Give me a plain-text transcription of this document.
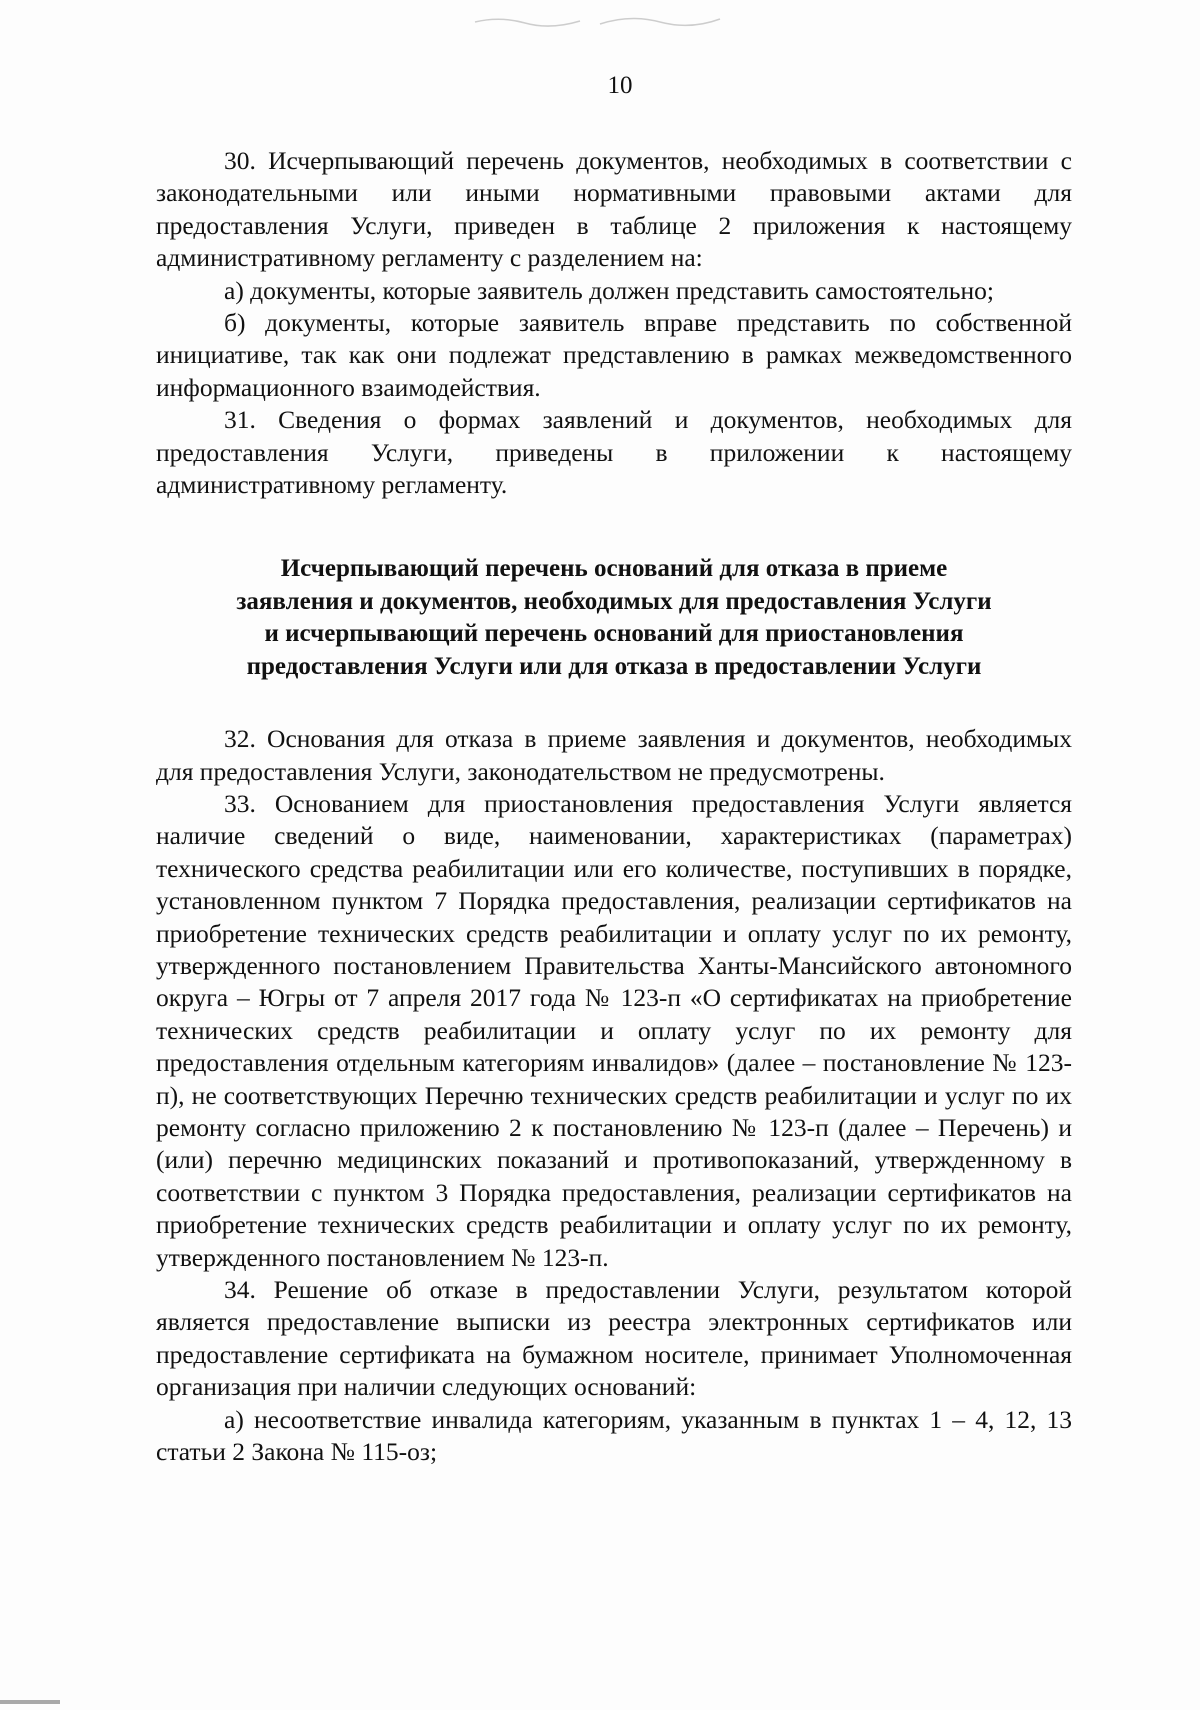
10

30. Исчерпывающий перечень документов, необходимых в соответствии с законодательными или иными нормативными правовыми актами для предоставления Услуги, приведен в таблице 2 приложения к настоящему административному регламенту с разделением на:

а) документы, которые заявитель должен представить самостоятельно;

б) документы, которые заявитель вправе представить по собственной инициативе, так как они подлежат представлению в рамках межведомственного информационного взаимодействия.

31. Сведения о формах заявлений и документов, необходимых для предоставления Услуги, приведены в приложении к настоящему административному регламенту.

Исчерпывающий перечень оснований для отказа в приеме
заявления и документов, необходимых для предоставления Услуги
и исчерпывающий перечень оснований для приостановления
предоставления Услуги или для отказа в предоставлении Услуги

32. Основания для отказа в приеме заявления и документов, необходимых для предоставления Услуги, законодательством не предусмотрены.

33. Основанием для приостановления предоставления Услуги является наличие сведений о виде, наименовании, характеристиках (параметрах) технического средства реабилитации или его количестве, поступивших в порядке, установленном пунктом 7 Порядка предоставления, реализации сертификатов на приобретение технических средств реабилитации и оплату услуг по их ремонту, утвержденного постановлением Правительства Ханты-Мансийского автономного округа – Югры от 7 апреля 2017 года № 123-п «О сертификатах на приобретение технических средств реабилитации и оплату услуг по их ремонту для предоставления отдельным категориям инвалидов» (далее – постановление № 123-п), не соответствующих Перечню технических средств реабилитации и услуг по их ремонту согласно приложению 2 к постановлению № 123-п (далее – Перечень) и (или) перечню медицинских показаний и противопоказаний, утвержденному в соответствии с пунктом 3 Порядка предоставления, реализации сертификатов на приобретение технических средств реабилитации и оплату услуг по их ремонту, утвержденного постановлением № 123-п.

34. Решение об отказе в предоставлении Услуги, результатом которой является предоставление выписки из реестра электронных сертификатов или предоставление сертификата на бумажном носителе, принимает Уполномоченная организация при наличии следующих оснований:

а) несоответствие инвалида категориям, указанным в пунктах 1 – 4, 12, 13 статьи 2 Закона № 115-оз;
